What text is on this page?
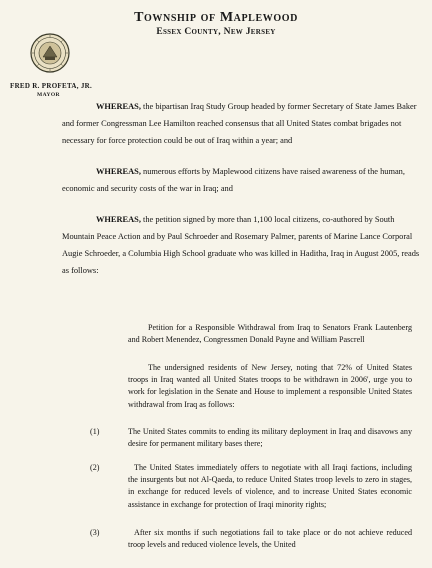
Township of Maplewood
Essex County, New Jersey
FRED R. PROFETA, JR.
MAYOR

WHEREAS, the bipartisan Iraq Study Group headed by former Secretary of State James Baker and former Congressman Lee Hamilton reached consensus that all United States combat brigades not necessary for force protection could be out of Iraq within a year; and

WHEREAS, numerous efforts by Maplewood citizens have raised awareness of the human, economic and security costs of the war in Iraq; and

WHEREAS, the petition signed by more than 1,100 local citizens, co-authored by South Mountain Peace Action and by Paul Schroeder and Rosemary Palmer, parents of Marine Lance Corporal Augie Schroeder, a Columbia High School graduate who was killed in Haditha, Iraq in August 2005, reads as follows:

Petition for a Responsible Withdrawal from Iraq to Senators Frank Lautenberg and Robert Menendez, Congressmen Donald Payne and William Pascrell

The undersigned residents of New Jersey, noting that 72% of United States troops in Iraq wanted all United States troops to be withdrawn in 2006', urge you to work for legislation in the Senate and House to implement a responsible United States withdrawal from Iraq as follows:

(1)	The United States commits to ending its military deployment in Iraq and disavows any desire for permanent military bases there;

(2)	The United States immediately offers to negotiate with all Iraqi factions, including the insurgents but not Al-Qaeda, to reduce United States troop levels to zero in stages, in exchange for reduced levels of violence, and to increase United States economic assistance in exchange for protection of Iraqi minority rights;

(3)	After six months if such negotiations fail to take place or do not achieve reduced troop levels and reduced violence levels, the United
